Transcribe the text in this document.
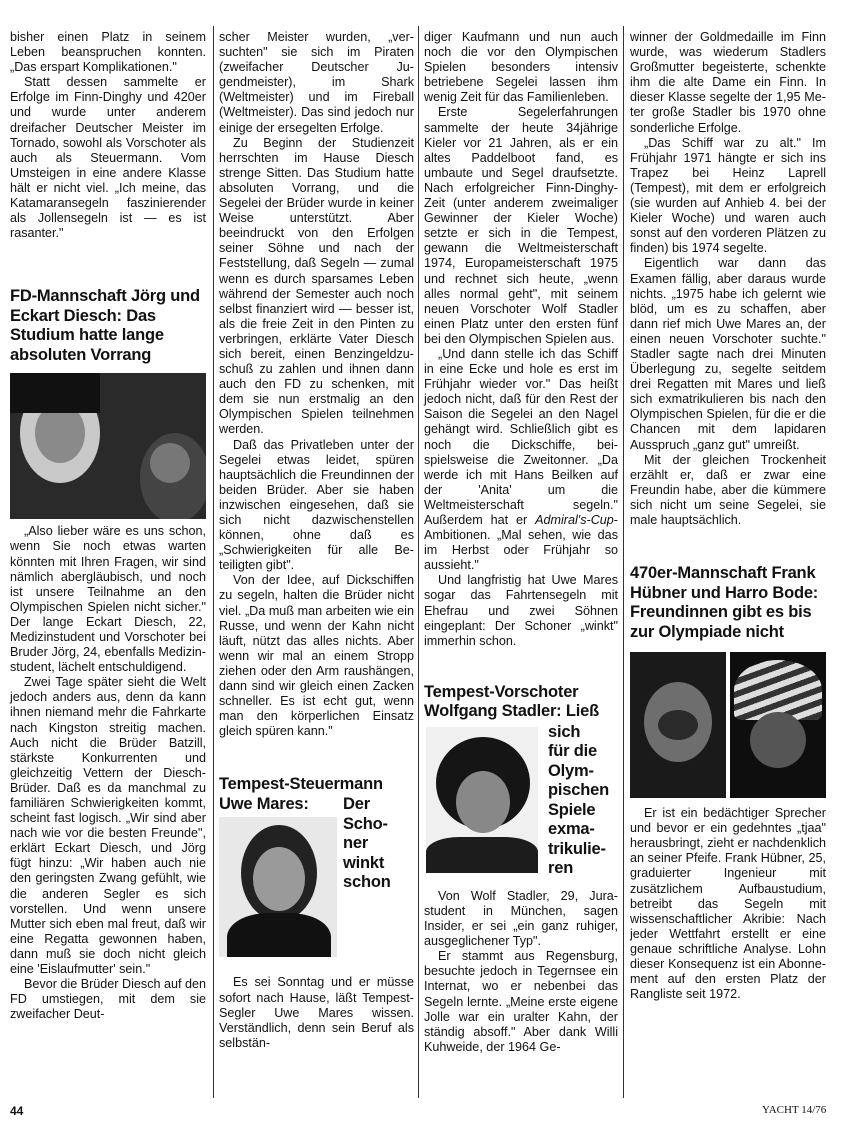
bisher einen Platz in seinem Leben beanspruchen konnten. „Das erspart Komplikationen."

Statt dessen sammelte er Erfolge im Finn-Dinghy und 420er und wurde unter anderem dreifacher Deutscher Meister im Tornado, sowohl als Vorschoter als auch als Steuermann. Vom Umsteigen in eine andere Klasse hält er nicht viel. „Ich meine, das Katamaransegeln faszinierender als Jollensegeln ist — es ist rasanter."

FD-Mannschaft Jörg und Eckart Diesch: Das Studium hatte lange absoluten Vorrang

„Also lieber wäre es uns schon, wenn Sie noch etwas warten könnten mit Ihren Fragen, wir sind nämlich abergläubisch, und noch ist unsere Teilnahme an den Olympischen Spielen nicht sicher." Der lange Eckart Diesch, 22, Medizinstudent und Vorschoter bei Bruder Jörg, 24, ebenfalls Medizinstudent, lächelt entschuldigend.

Zwei Tage später sieht die Welt jedoch anders aus, denn da kann ihnen niemand mehr die Fahrkarte nach Kingston streitig machen. Auch nicht die Brüder Batzill, stärkste Konkurrenten und gleichzeitig Vettern der Diesch-Brüder. Daß es da manchmal zu familiären Schwierigkeiten kommt, scheint fast logisch. „Wir sind aber nach wie vor die besten Freunde", erklärt Eckart Diesch, und Jörg fügt hinzu: „Wir haben auch nie den geringsten Zwang gefühlt, wie die anderen Segler es sich vorstellen. Und wenn unsere Mutter sich eben mal freut, daß wir eine Regatta gewonnen haben, dann muß sie doch nicht gleich eine 'Eislaufmutter' sein."

Bevor die Brüder Diesch auf den FD umstiegen, mit dem sie zweifacher Deut-

scher Meister wurden, „versuchten" sie sich im Piraten (zweifacher Deutscher Jugendmeister), im Shark (Weltmeister) und im Fireball (Weltmeister). Das sind jedoch nur einige der ersegelten Erfolge.

Zu Beginn der Studienzeit herrschten im Hause Diesch strenge Sitten. Das Studium hatte absoluten Vorrang, und die Segelei der Brüder wurde in keiner Weise unterstützt. Aber beeindruckt von den Erfolgen seiner Söhne und nach der Feststellung, daß Segeln — zumal wenn es durch sparsames Leben während der Semester auch noch selbst finanziert wird — besser ist, als die freie Zeit in den Pinten zu verbringen, erklärte Vater Diesch sich bereit, einen Benzingeldzuschuß zu zahlen und ihnen dann auch den FD zu schenken, mit dem sie nun erstmalig an den Olympischen Spielen teilnehmen werden.

Daß das Privatleben unter der Segelei etwas leidet, spüren hauptsächlich die Freundinnen der beiden Brüder. Aber sie haben inzwischen eingesehen, daß sie sich nicht dazwischenstellen können, ohne daß es „Schwierigkeiten für alle Beteiligten gibt".

Von der Idee, auf Dickschiffen zu segeln, halten die Brüder nicht viel. „Da muß man arbeiten wie ein Russe, und wenn der Kahn nicht läuft, nützt das alles nichts. Aber wenn wir mal an einem Stropp ziehen oder den Arm raushängen, dann sind wir gleich einen Zacken schneller. Es ist echt gut, wenn man den körperlichen Einsatz gleich spüren kann."

Tempest-Steuermann
Uwe Mares:	Der
Scho-
ner
winkt
schon

Es sei Sonntag und er müsse sofort nach Hause, läßt Tempest-Segler Uwe Mares wissen. Verständlich, denn sein Beruf als selbstän-

diger Kaufmann und nun auch noch die vor den Olympischen Spielen besonders intensiv betriebene Segelei lassen ihm wenig Zeit für das Familienleben.

Erste Segelerfahrungen sammelte der heute 34jährige Kieler vor 21 Jahren, als er ein altes Paddelboot fand, es umbaute und Segel draufsetzte. Nach erfolgreicher Finn-Dinghy-Zeit (unter anderem zweimaliger Gewinner der Kieler Woche) setzte er sich in die Tempest, gewann die Weltmeisterschaft 1974, Europameisterschaft 1975 und rechnet sich heute, „wenn alles normal geht", mit seinem neuen Vorschoter Wolf Stadler einen Platz unter den ersten fünf bei den Olympischen Spielen aus.

„Und dann stelle ich das Schiff in eine Ecke und hole es erst im Frühjahr wieder vor." Das heißt jedoch nicht, daß für den Rest der Saison die Segelei an den Nagel gehängt wird. Schließlich gibt es noch die Dickschiffe, beispielsweise die Zweitonner. „Da werde ich mit Hans Beilken auf der 'Anita' um die Weltmeisterschaft segeln." Außerdem hat er Admiral's-Cup-Ambitionen. „Mal sehen, wie das im Herbst oder Frühjahr so aussieht."

Und langfristig hat Uwe Mares sogar das Fahrtensegeln mit Ehefrau und zwei Söhnen eingeplant: Der Schoner „winkt" immerhin schon.

Tempest-Vorschoter
Wolfgang Stadler: Ließ
sich
für die
Olym-
pischen
Spiele
exma-
trikulie-
ren

Von Wolf Stadler, 29, Jurastudent in München, sagen Insider, er sei „ein ganz ruhiger, ausgeglichener Typ".

Er stammt aus Regensburg, besuchte jedoch in Tegernsee ein Internat, wo er nebenbei das Segeln lernte. „Meine erste eigene Jolle war ein uralter Kahn, der ständig absoff." Aber dank Willi Kuhweide, der 1964 Ge-

winner der Goldmedaille im Finn wurde, was wiederum Stadlers Großmutter begeisterte, schenkte ihm die alte Dame ein Finn. In dieser Klasse segelte der 1,95 Meter große Stadler bis 1970 ohne sonderliche Erfolge.

„Das Schiff war zu alt." Im Frühjahr 1971 hängte er sich ins Trapez bei Heinz Laprell (Tempest), mit dem er erfolgreich (sie wurden auf Anhieb 4. bei der Kieler Woche) und waren auch sonst auf den vorderen Plätzen zu finden) bis 1974 segelte.

Eigentlich war dann das Examen fällig, aber daraus wurde nichts. „1975 habe ich gelernt wie blöd, um es zu schaffen, aber dann rief mich Uwe Mares an, der einen neuen Vorschoter suchte." Stadler sagte nach drei Minuten Überlegung zu, segelte seitdem drei Regatten mit Mares und ließ sich exmatrikulieren bis nach den Olympischen Spielen, für die er die Chancen mit dem lapidaren Ausspruch „ganz gut" umreißt.

Mit der gleichen Trockenheit erzählt er, daß er zwar eine Freundin habe, aber die kümmere sich nicht um seine Segelei, sie male hauptsächlich.

470er-Mannschaft Frank Hübner und Harro Bode: Freundinnen gibt es bis zur Olympiade nicht

Er ist ein bedächtiger Sprecher und bevor er ein gedehntes „tjaa" herausbringt, zieht er nachdenklich an seiner Pfeife. Frank Hübner, 25, graduierter Ingenieur mit zusätzlichem Aufbaustudium, betreibt das Segeln mit wissenschaftlicher Akribie: Nach jeder Wettfahrt erstellt er eine genaue schriftliche Analyse. Lohn dieser Konsequenz ist ein Abonnement auf den ersten Platz der Rangliste seit 1972.

44	YACHT 14/76
